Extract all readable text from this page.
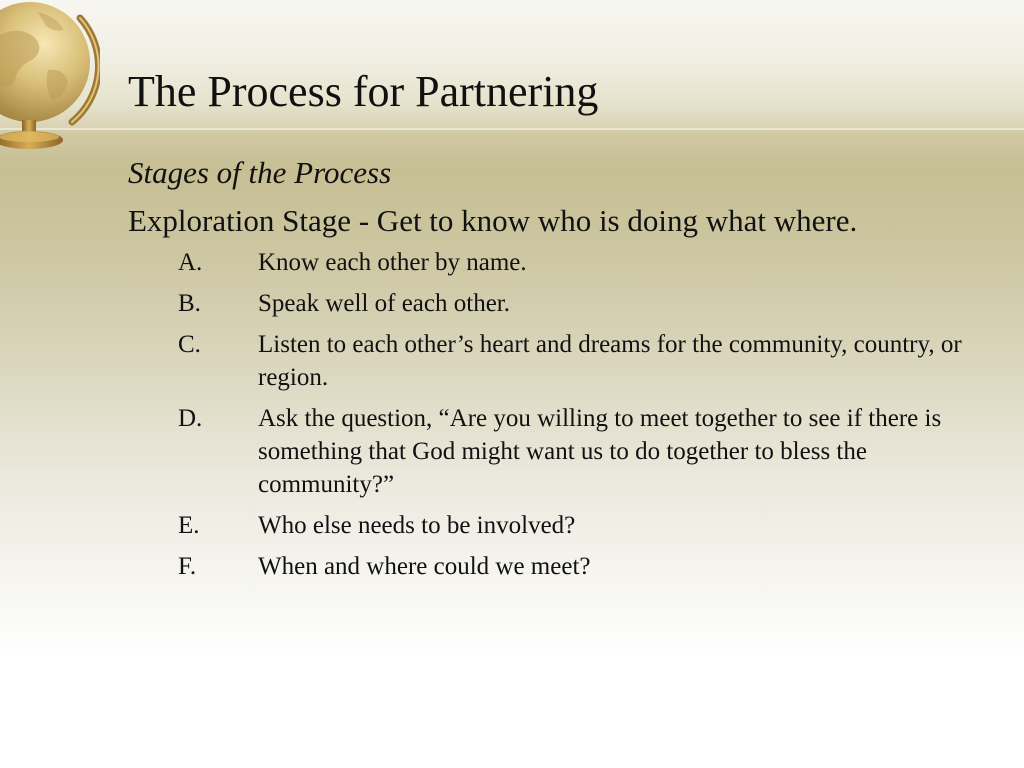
The Process for Partnering

Stages of the Process

Exploration Stage - Get to know who is doing what where.

A.	Know each other by name.
B.	Speak well of each other.
C.	Listen to each other’s heart and dreams for the community, country, or region.
D.	Ask the question, “Are you willing to meet together to see if there is something that God might want us to do together to bless the community?”
E.	Who else needs to be involved?
F.	When and where could we meet?
